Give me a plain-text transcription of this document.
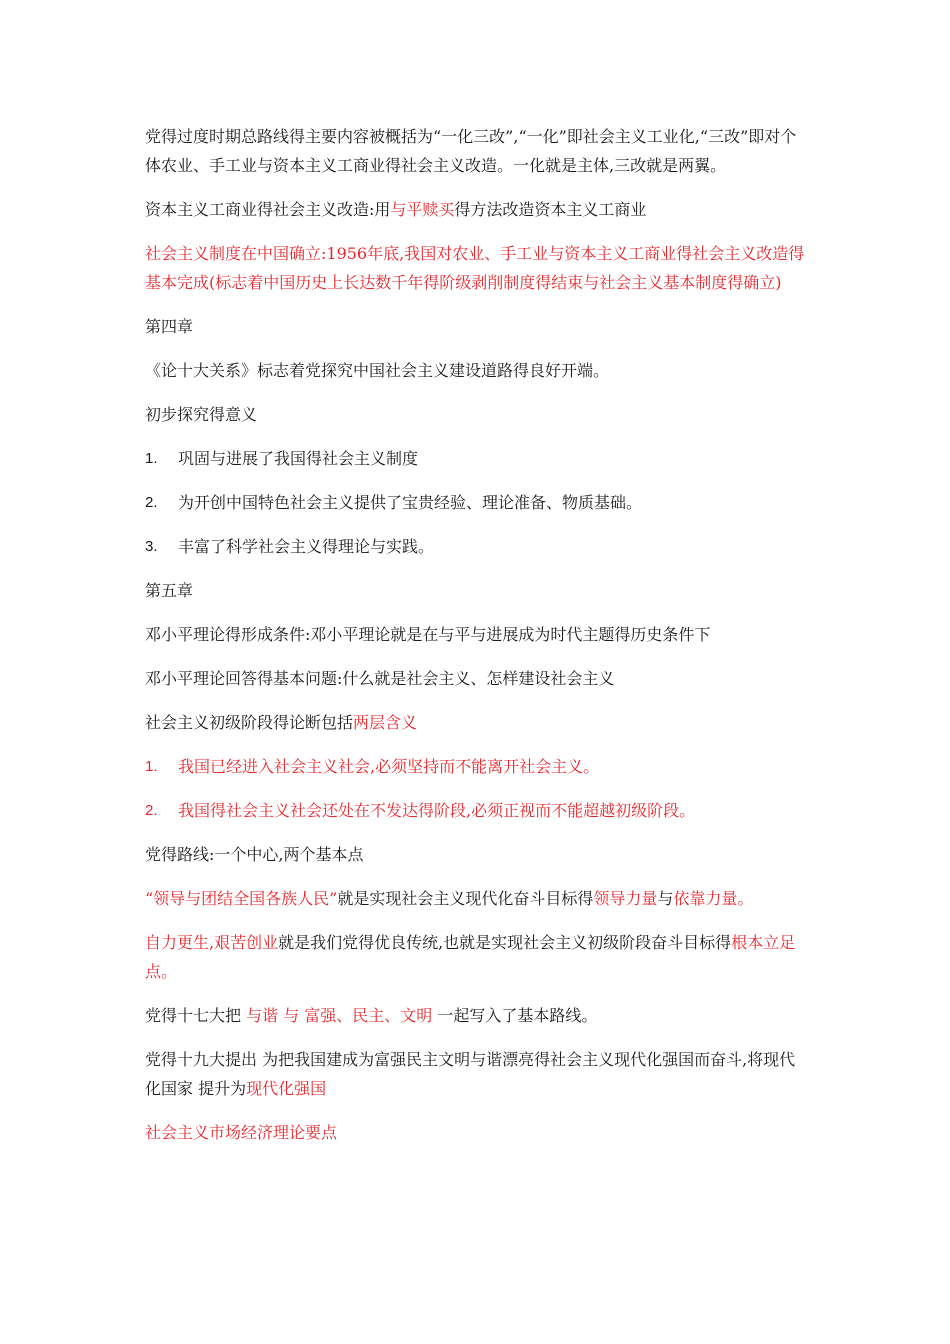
党得过度时期总路线得主要内容被概括为“一化三改”,“一化”即社会主义工业化,“三改”即对个体农业、手工业与资本主义工商业得社会主义改造。一化就是主体,三改就是两翼。

资本主义工商业得社会主义改造:用与平赎买得方法改造资本主义工商业

社会主义制度在中国确立:1956年底,我国对农业、手工业与资本主义工商业得社会主义改造得基本完成(标志着中国历史上长达数千年得阶级剥削制度得结束与社会主义基本制度得确立)

第四章

《论十大关系》标志着党探究中国社会主义建设道路得良好开端。

初步探究得意义

1.	巩固与进展了我国得社会主义制度
2.	为开创中国特色社会主义提供了宝贵经验、理论准备、物质基础。
3.	丰富了科学社会主义得理论与实践。

第五章

邓小平理论得形成条件:邓小平理论就是在与平与进展成为时代主题得历史条件下

邓小平理论回答得基本问题:什么就是社会主义、怎样建设社会主义

社会主义初级阶段得论断包括两层含义

1.	我国已经进入社会主义社会,必须坚持而不能离开社会主义。
2.	我国得社会主义社会还处在不发达得阶段,必须正视而不能超越初级阶段。

党得路线:一个中心,两个基本点

“领导与团结全国各族人民”就是实现社会主义现代化奋斗目标得领导力量与依靠力量。

自力更生,艰苦创业就是我们党得优良传统,也就是实现社会主义初级阶段奋斗目标得根本立足点。

党得十七大把 与谐 与 富强、民主、文明 一起写入了基本路线。

党得十九大提出 为把我国建成为富强民主文明与谐漂亮得社会主义现代化强国而奋斗,将现代化国家 提升为现代化强国

社会主义市场经济理论要点
